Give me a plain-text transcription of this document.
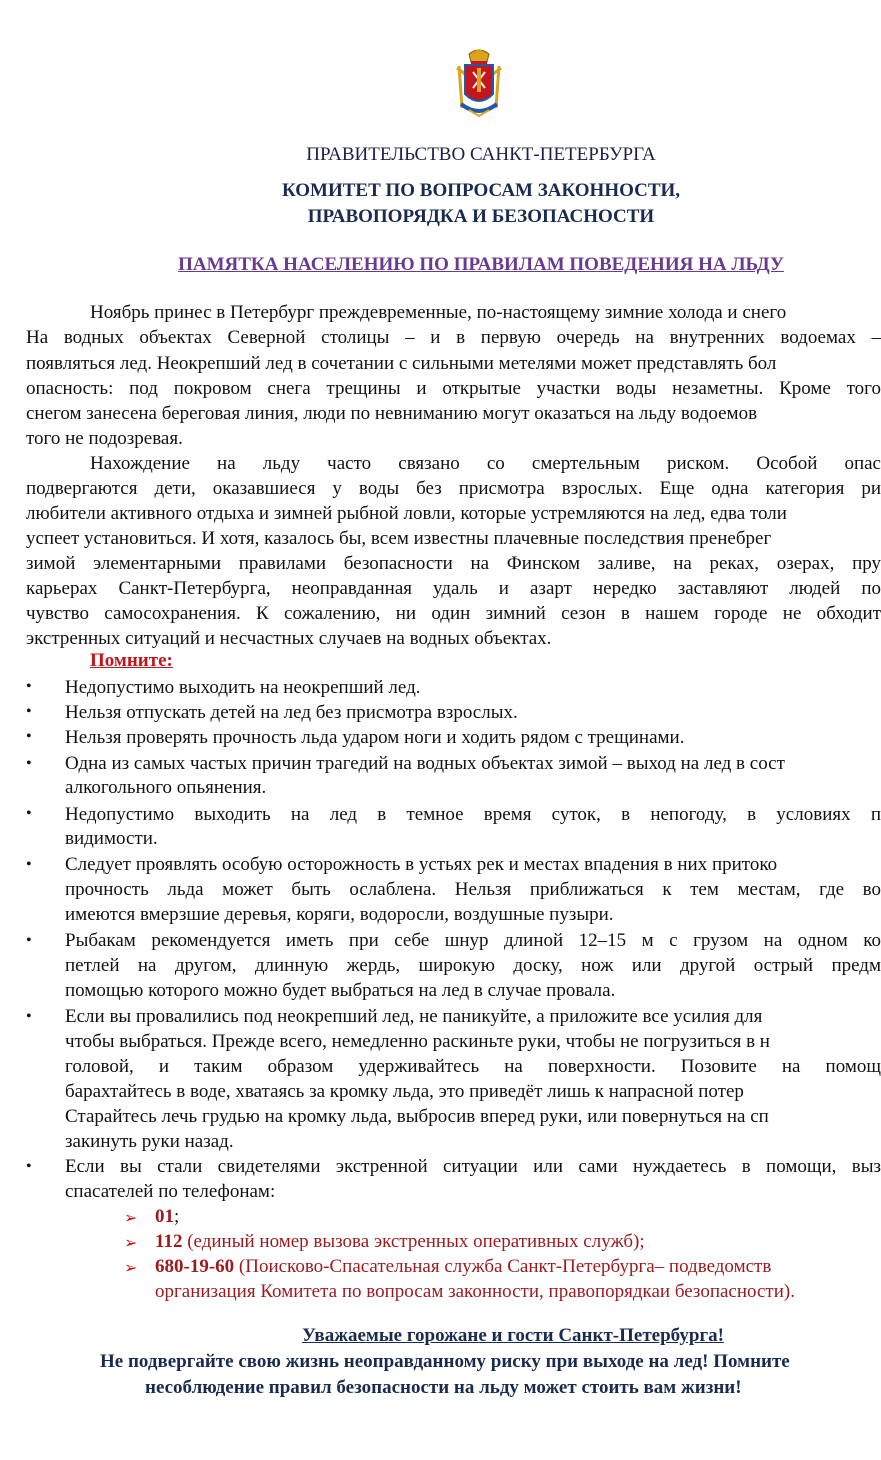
ПРАВИТЕЛЬСТВО САНКТ-ПЕТЕРБУРГА
КОМИТЕТ ПО ВОПРОСАМ ЗАКОННОСТИ,
ПРАВОПОРЯДКА И БЕЗОПАСНОСТИ
ПАМЯТКА НАСЕЛЕНИЮ ПО ПРАВИЛАМ ПОВЕДЕНИЯ НА ЛЬДУ
Ноябрь принес в Петербург преждевременные, по-настоящему зимние холода и снего
На водных объектах Северной столицы – и в первую очередь на внутренних водоемах –
появляться лед. Неокрепший лед в сочетании с сильными метелями может представлять бол
опасность: под покровом снега трещины и открытые участки воды незаметны. Кроме того
снегом занесена береговая линия, люди по невниманию могут оказаться на льду водоемов
того не подозревая.
Нахождение на льду часто связано со смертельным риском. Особой опас
подвергаются дети, оказавшиеся у воды без присмотра взрослых. Еще одна категория ри
любители активного отдыха и зимней рыбной ловли, которые устремляются на лед, едва толи
успеет установиться. И хотя, казалось бы, всем известны плачевные последствия пренебрег
зимой элементарными правилами безопасности на Финском заливе, на реках, озерах, пру
карьерах Санкт-Петербурга, неоправданная удаль и азарт нередко заставляют людей по
чувство самосохранения. К сожалению, ни один зимний сезон в нашем городе не обходит
экстренных ситуаций и несчастных случаев на водных объектах.
Помните:
• Недопустимо выходить на неокрепший лед.
• Нельзя отпускать детей на лед без присмотра взрослых.
• Нельзя проверять прочность льда ударом ноги и ходить рядом с трещинами.
• Одна из самых частых причин трагедий на водных объектах зимой – выход на лед в сост
алкогольного опьянения.
• Недопустимо выходить на лед в темное время суток, в непогоду, в условиях п
видимости.
• Следует проявлять особую осторожность в устьях рек и местах впадения в них притоко
прочность льда может быть ослаблена. Нельзя приближаться к тем местам, где во
имеются вмерзшие деревья, коряги, водоросли, воздушные пузыри.
• Рыбакам рекомендуется иметь при себе шнур длиной 12–15 м с грузом на одном ко
петлей на другом, длинную жердь, широкую доску, нож или другой острый предм
помощью которого можно будет выбраться на лед в случае провала.
• Если вы провалились под неокрепший лед, не паникуйте, а приложите все усилия для
чтобы выбраться. Прежде всего, немедленно раскиньте руки, чтобы не погрузиться в н
головой, и таким образом удерживайтесь на поверхности. Позовите на помощ
барахтайтесь в воде, хватаясь за кромку льда, это приведёт лишь к напрасной потер
Старайтесь лечь грудью на кромку льда, выбросив вперед руки, или повернуться на сп
закинуть руки назад.
• Если вы стали свидетелями экстренной ситуации или сами нуждаетесь в помощи, выз
спасателей по телефонам:
➢ 01;
➢ 112 (единый номер вызова экстренных оперативных служб);
➢ 680-19-60 (Поисково-Спасательная служба Санкт-Петербурга– подведомств
организация Комитета по вопросам законности, правопорядкаи безопасности).
Уважаемые горожане и гости Санкт-Петербурга!
Не подвергайте свою жизнь неоправданному риску при выходе на лед! Помните
несоблюдение правил безопасности на льду может стоить вам жизни!
